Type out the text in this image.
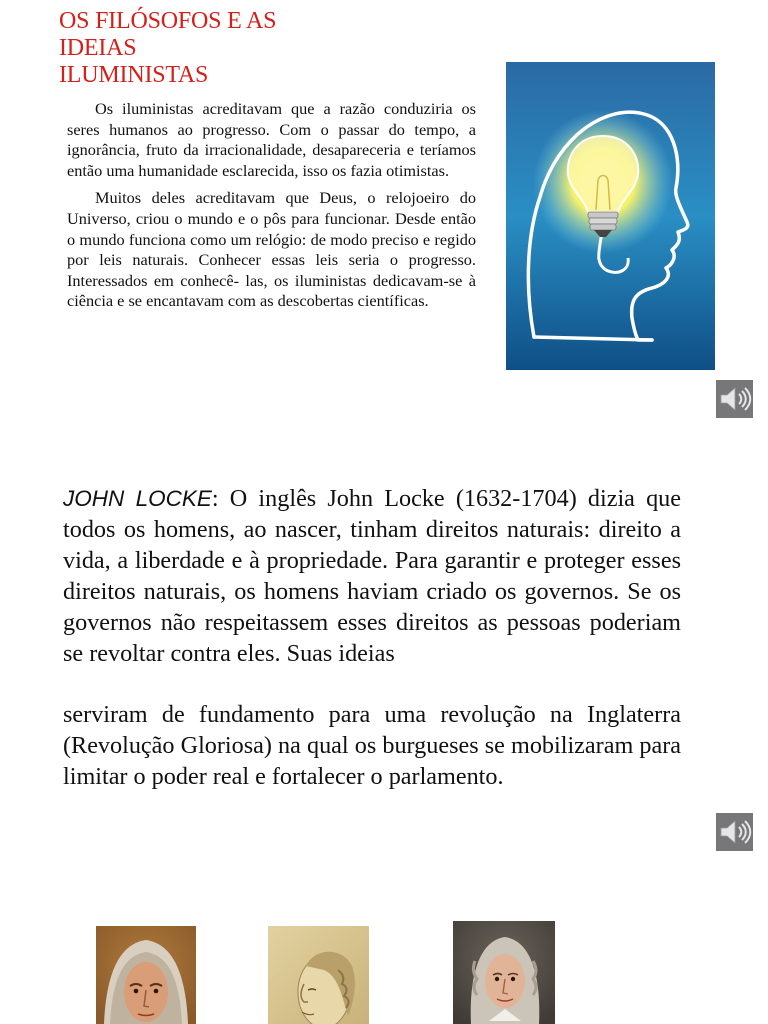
OS FILÓSOFOS E AS
IDEIAS
ILUMINISTAS

Os iluministas acreditavam que a razão conduziria os seres humanos ao progresso. Com o passar do tempo, a ignorância, fruto da irracionalidade, desapareceria e teríamos então uma humanidade esclarecida, isso os fazia otimistas.

Muitos deles acreditavam que Deus, o relojoeiro do Universo, criou o mundo e o pôs para funcionar. Desde então o mundo funciona como um relógio: de modo preciso e regido por leis naturais. Conhecer essas leis seria o progresso. Interessados em conhecê- las, os iluministas dedicavam-se à ciência e se encantavam com as descobertas científicas.

JOHN LOCKE: O inglês John Locke (1632-1704) dizia que todos os homens, ao nascer, tinham direitos naturais: direito a vida, a liberdade e à propriedade. Para garantir e proteger esses direitos naturais, os homens haviam criado os governos. Se os governos não respeitassem esses direitos as pessoas poderiam se revoltar contra eles. Suas ideias

serviram de fundamento para uma revolução na Inglaterra (Revolução Gloriosa) na qual os burgueses se mobilizaram para limitar o poder real e fortalecer o parlamento.
